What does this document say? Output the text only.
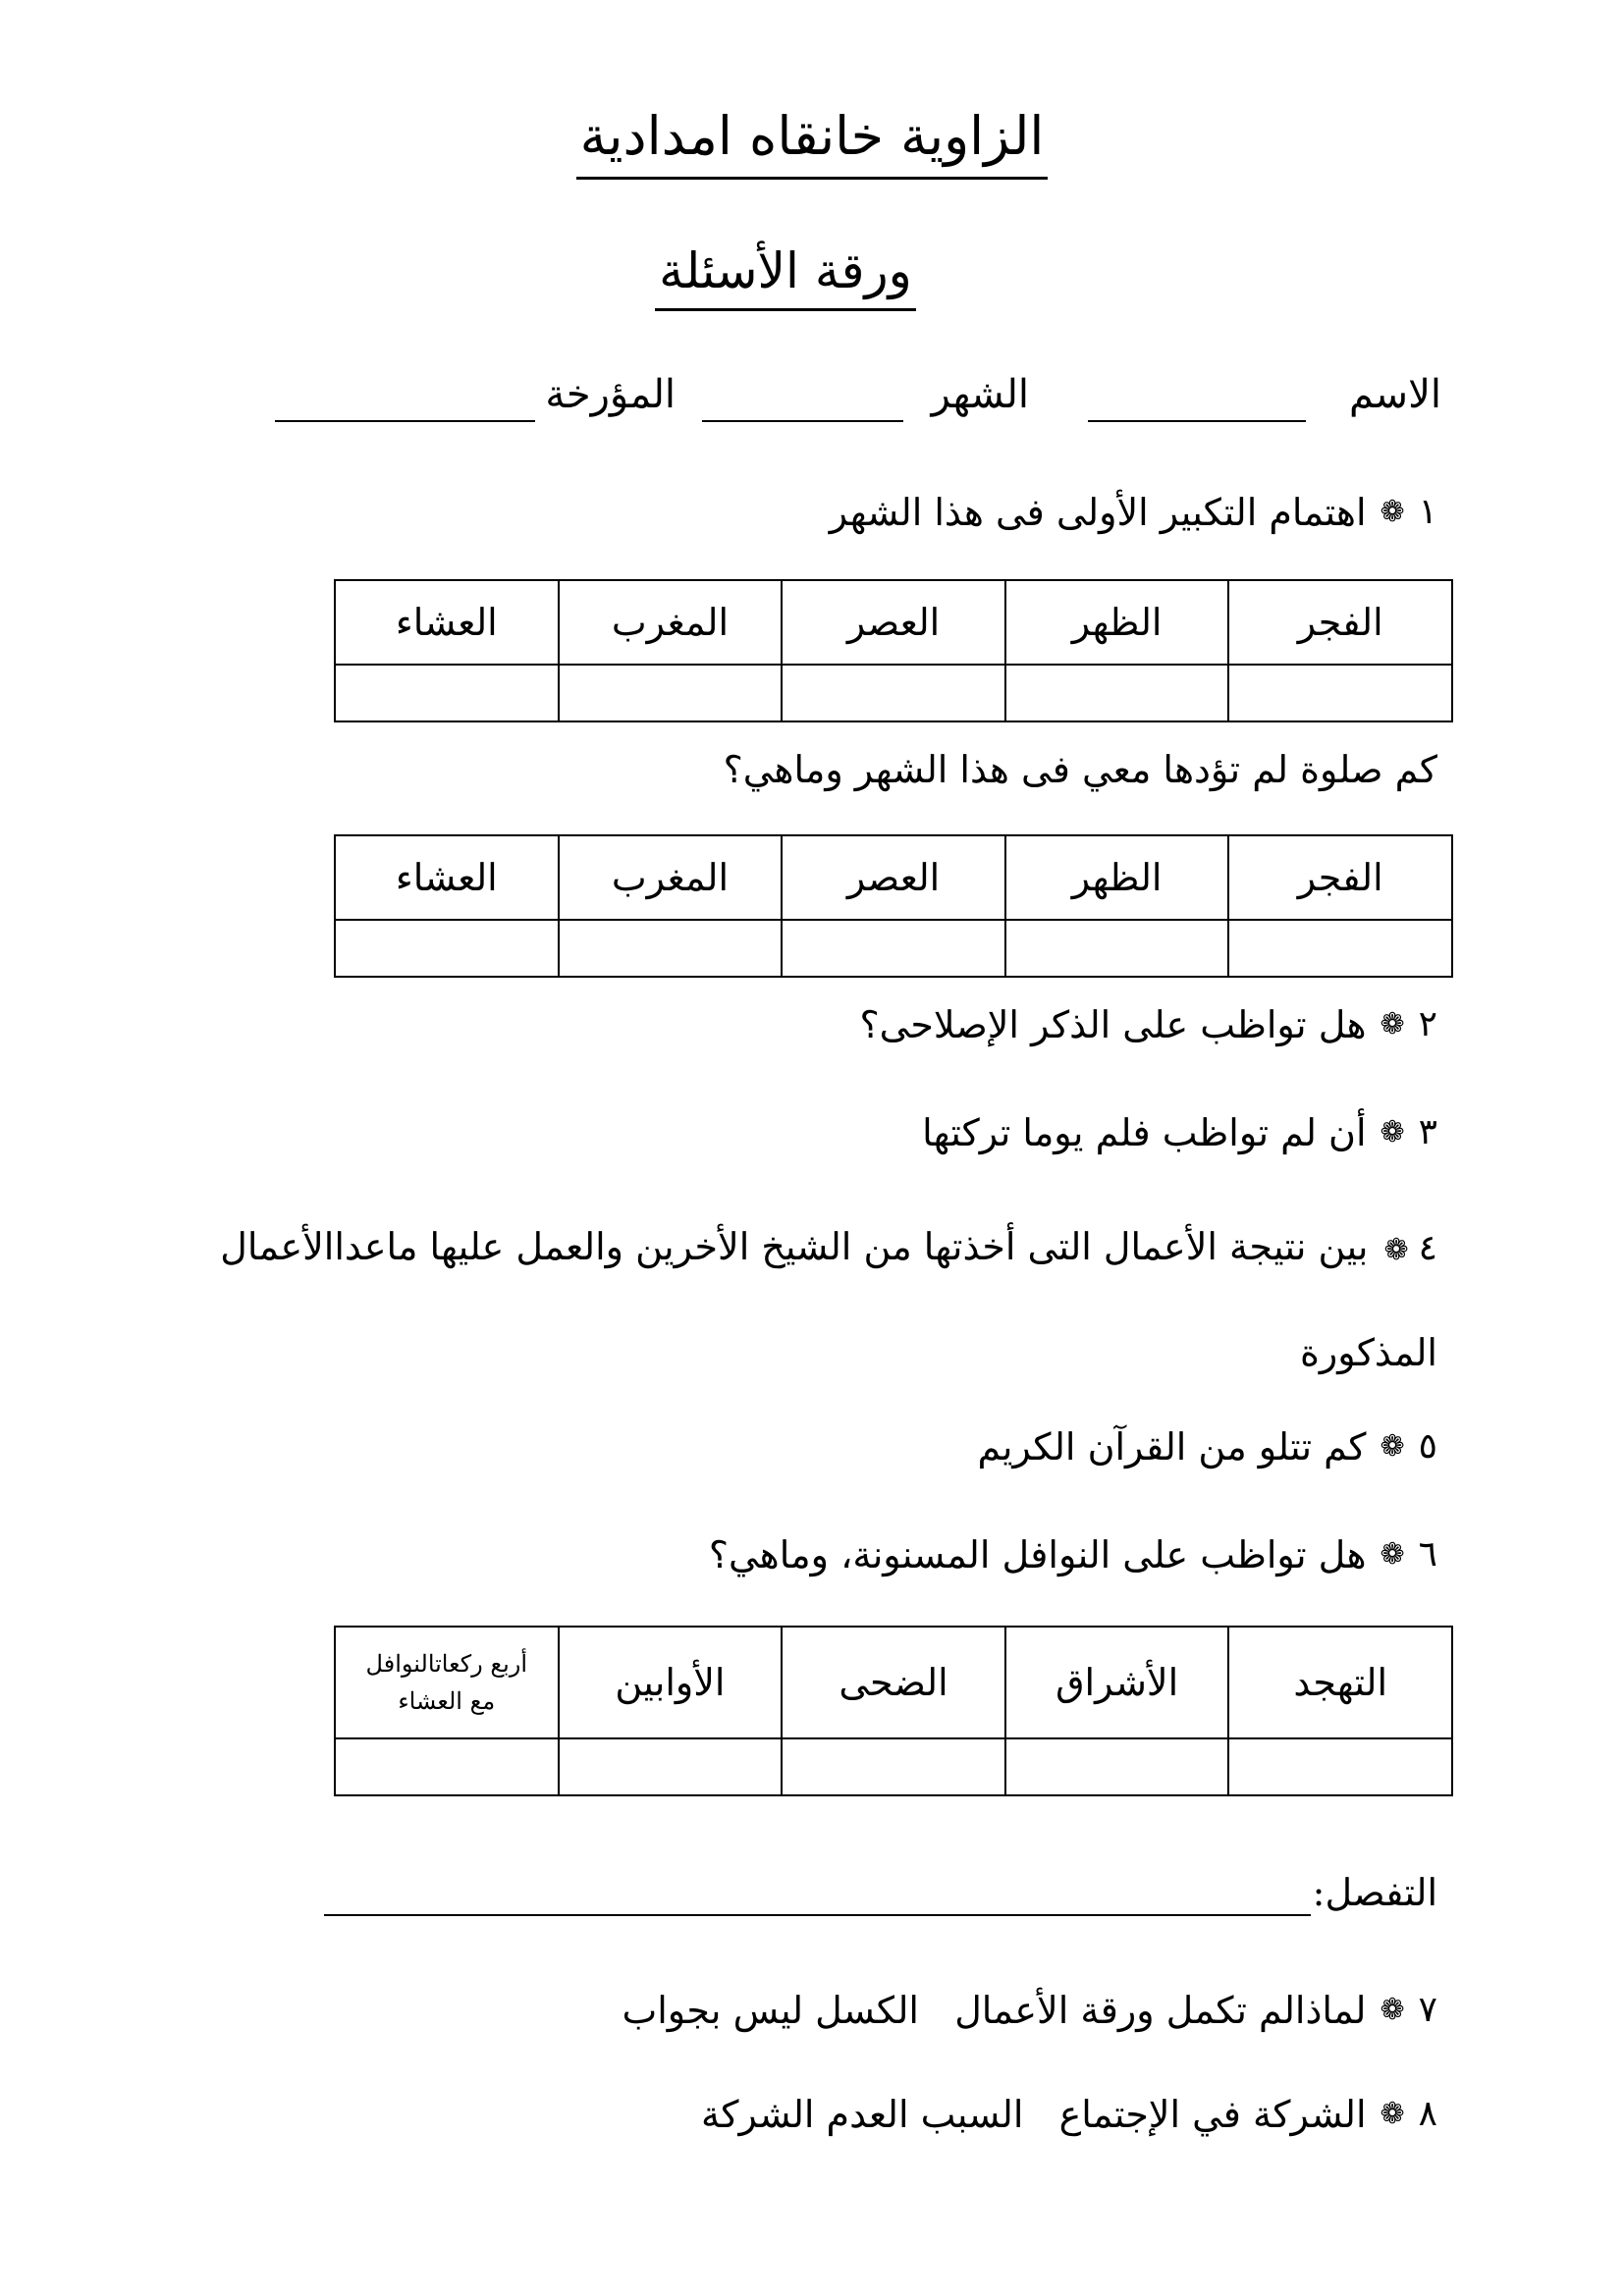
الزاوية خانقاه امدادية
ورقة الأسئلة
الاسم
الشهر
المؤرخة
١
❁
اهتمام التكبير الأولى فى هذا الشهر
الفجر	الظهر	العصر	المغرب	العشاء

كم صلوة لم تؤدها معي فى هذا الشهر وماهي؟
الفجر	الظهر	العصر	المغرب	العشاء

٢
❁
هل تواظب على الذكر الإصلاحى؟
٣
❁
أن لم تواظب فلم يوما تركتها
٤❁بين نتيجة الأعمال التى أخذتها من الشيخ الأخرين والعمل عليها ماعداالأعمال المذكورة
٥
❁
كم تتلو من القرآن الكريم
٦
❁
هل تواظب على النوافل المسنونة، وماهي؟
التهجد	الأشراق	الضحى	الأوابين	أربع ركعاتالنوافل
مع العشاء

التفصل:
٧
❁
لماذالم تكمل ورقة الأعمال   الكسل ليس بجواب
٨
❁
الشركة في الإجتماع   السبب العدم الشركة
